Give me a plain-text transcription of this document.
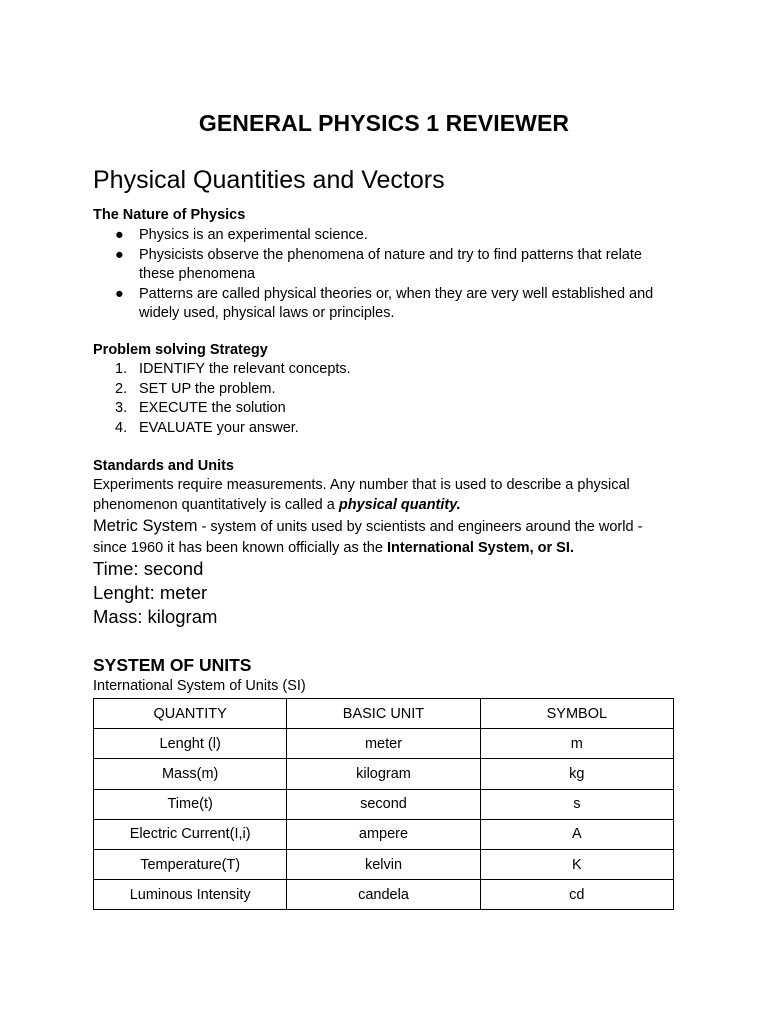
GENERAL PHYSICS 1 REVIEWER
Physical Quantities and Vectors
The Nature of Physics
● Physics is an experimental science.
● Physicists observe the phenomena of nature and try to find patterns that relate these phenomena
● Patterns are called physical theories or, when they are very well established and widely used, physical laws or principles.
Problem solving Strategy
1. IDENTIFY the relevant concepts.
2. SET UP the problem.
3. EXECUTE the solution
4. EVALUATE your answer.
Standards and Units
Experiments require measurements. Any number that is used to describe a physical phenomenon quantitatively is called a physical quantity.
Metric System - system of units used by scientists and engineers around the world - since 1960 it has been known officially as the International System, or SI.
Time: second
Lenght: meter
Mass: kilogram
SYSTEM OF UNITS
International System of Units (SI)
QUANTITY	BASIC UNIT	SYMBOL
Lenght (l)	meter	m
Mass(m)	kilogram	kg
Time(t)	second	s
Electric Current(I,i)	ampere	A
Temperature(T)	kelvin	K
Luminous Intensity	candela	cd
